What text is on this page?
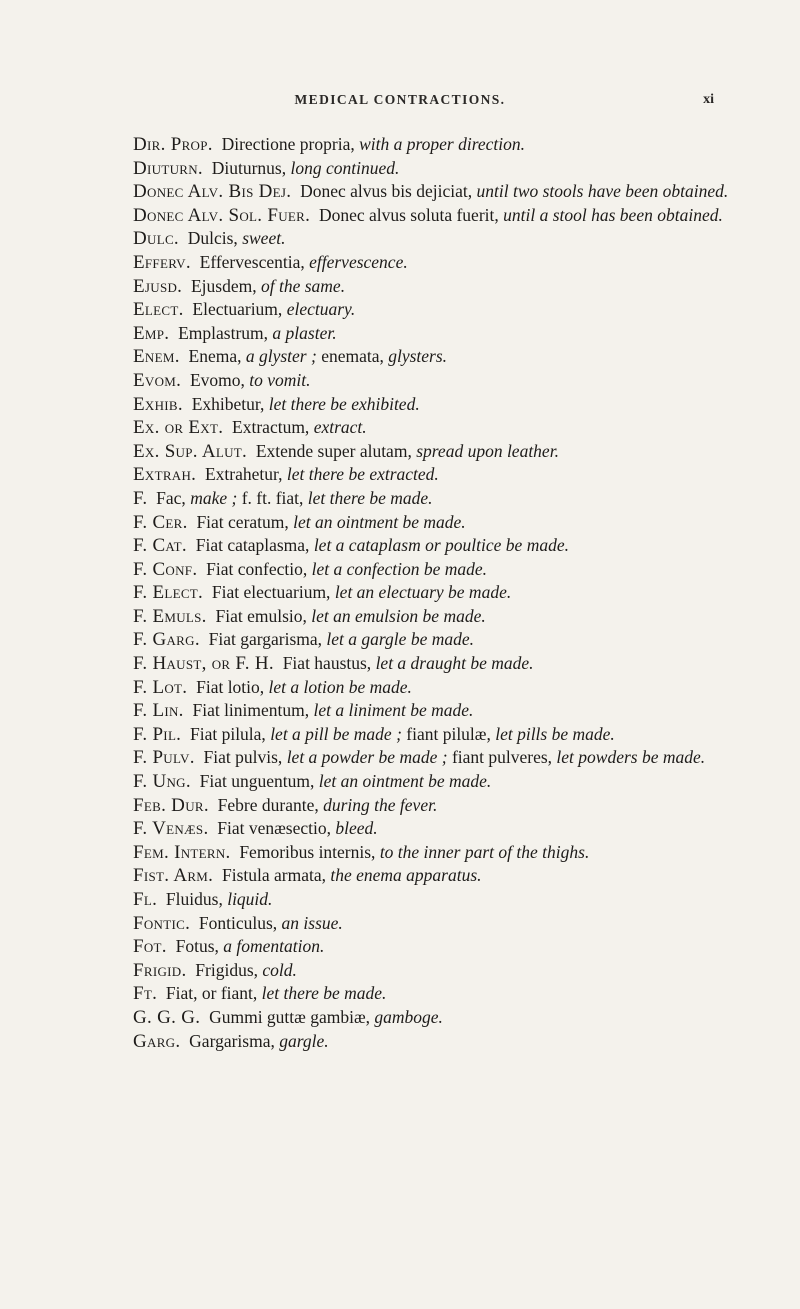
MEDICAL CONTRACTIONS.	xi
Dir. Prop.  Directione propria, with a proper direction.
Diuturn.  Diuturnus, long continued.
Donec Alv. Bis Dej.  Donec alvus bis dejiciat, until two stools have been obtained.
Donec Alv. Sol. Fuer.  Donec alvus soluta fuerit, until a stool has been obtained.
Dulc.  Dulcis, sweet.
Efferv.  Effervescentia, effervescence.
Ejusd.  Ejusdem, of the same.
Elect.  Electuarium, electuary.
Emp.  Emplastrum, a plaster.
Enem.  Enema, a glyster ; enemata, glysters.
Evom.  Evomo, to vomit.
Exhib.  Exhibetur, let there be exhibited.
Ex. or Ext.  Extractum, extract.
Ex. Sup. Alut.  Extende super alutam, spread upon leather.
Extrah.  Extrahetur, let there be extracted.
F.  Fac, make ; f. ft. fiat, let there be made.
F. Cer.  Fiat ceratum, let an ointment be made.
F. Cat.  Fiat cataplasma, let a cataplasm or poultice be made.
F. Conf.  Fiat confectio, let a confection be made.
F. Elect.  Fiat electuarium, let an electuary be made.
F. Emuls.  Fiat emulsio, let an emulsion be made.
F. Garg.  Fiat gargarisma, let a gargle be made.
F. Haust, or F. H.  Fiat haustus, let a draught be made.
F. Lot.  Fiat lotio, let a lotion be made.
F. Lin.  Fiat linimentum, let a liniment be made.
F. Pil.  Fiat pilula, let a pill be made ; fiant pilulæ, let pills be made.
F. Pulv.  Fiat pulvis, let a powder be made ; fiant pulveres, let powders be made.
F. Ung.  Fiat unguentum, let an ointment be made.
Feb. Dur.  Febre durante, during the fever.
F. Venæs.  Fiat venæsectio, bleed.
Fem. Intern.  Femoribus internis, to the inner part of the thighs.
Fist. Arm.  Fistula armata, the enema apparatus.
Fl.  Fluidus, liquid.
Fontic.  Fonticulus, an issue.
Fot.  Fotus, a fomentation.
Frigid.  Frigidus, cold.
Ft.  Fiat, or fiant, let there be made.
G. G. G.  Gummi guttæ gambiæ, gamboge.
Garg.  Gargarisma, gargle.
